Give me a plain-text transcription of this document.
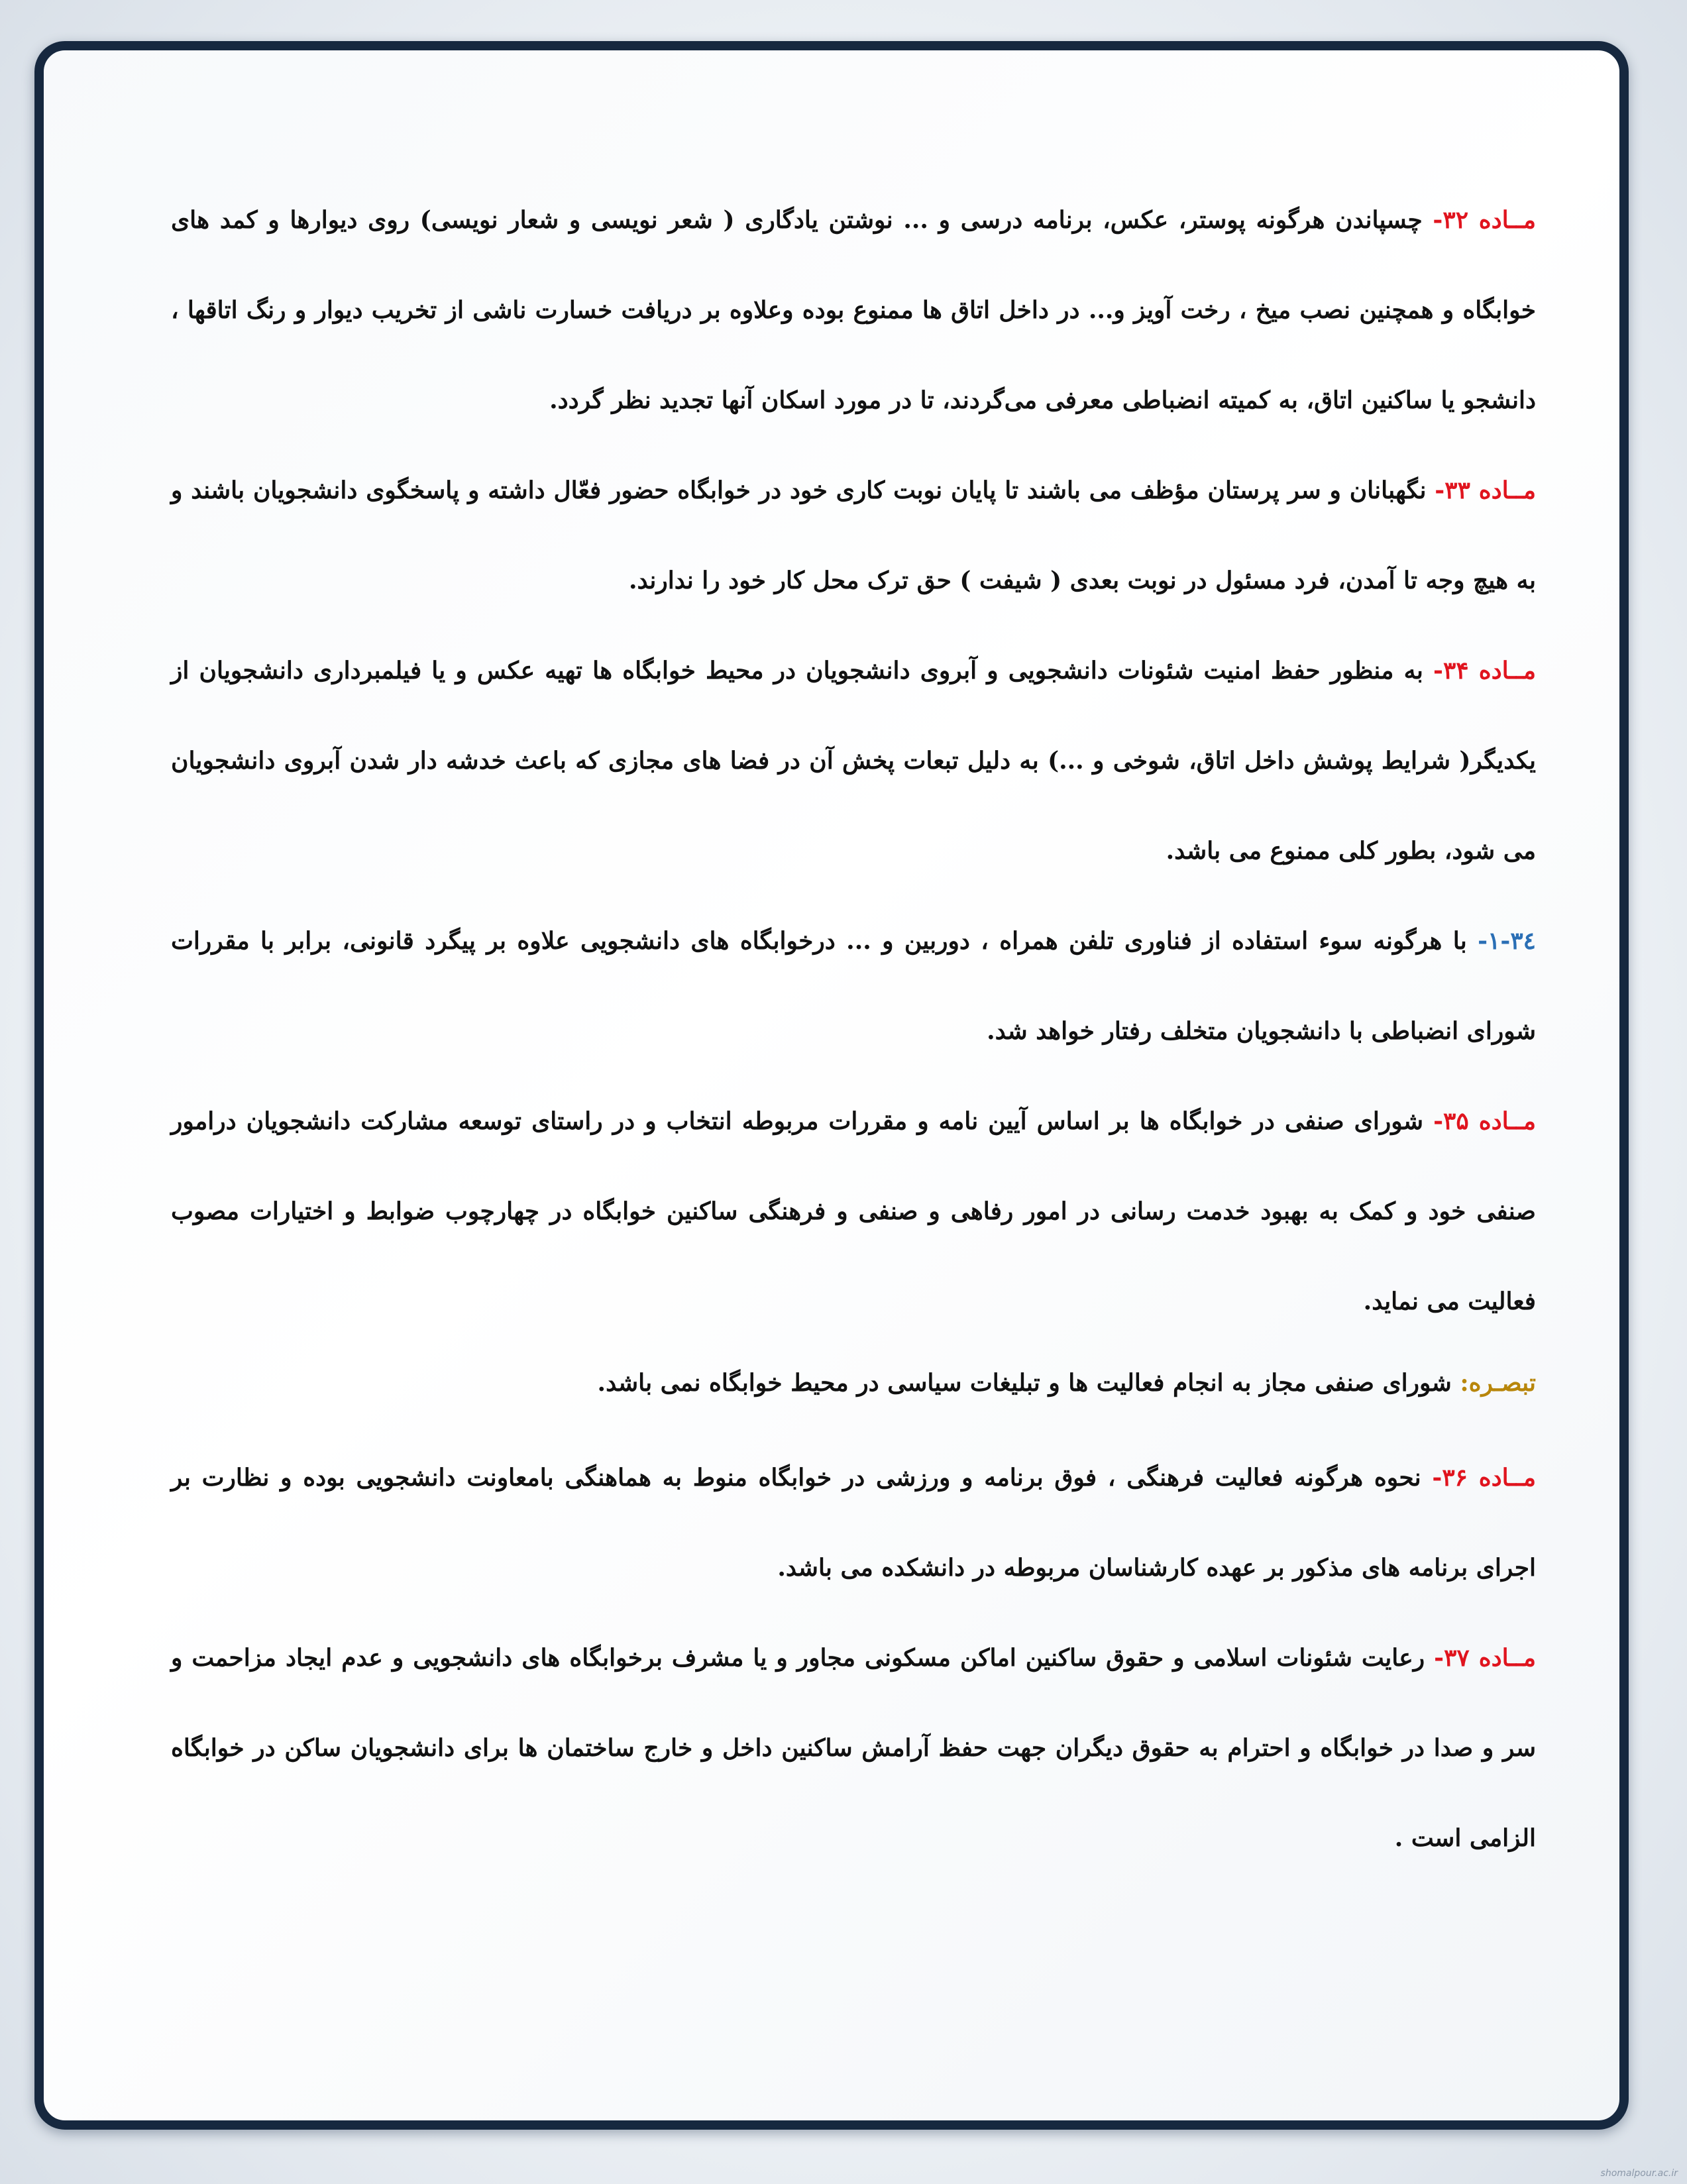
مــاده ۳۲- چسپاندن هرگونه پوستر، عکس، برنامه درسی و ... نوشتن یادگاری ( شعر نویسی و شعار نویسی) روی دیوارها و کمد های خوابگاه و همچنین نصب میخ ، رخت آویز و... در داخل اتاق ها ممنوع بوده وعلاوه بر دریافت خسارت ناشی از تخریب دیوار و رنگ اتاقها ، دانشجو یا ساکنین اتاق، به کمیته انضباطی معرفی می‌گردند، تا در مورد اسکان آنها تجدید نظر گردد.

مــاده ۳۳- نگهبانان و سر پرستان مؤظف می باشند تا پایان نوبت کاری خود در خوابگاه حضور فعّال داشته و پاسخگوی دانشجویان باشند و به هیچ وجه تا آمدن، فرد مسئول در نوبت بعدی ( شیفت ) حق ترک محل کار خود را ندارند.

مــاده ۳۴- به منظور حفظ امنیت شئونات دانشجویی و آبروی دانشجویان در محیط خوابگاه ها تهیه عکس و یا فیلمبرداری دانشجویان از یکدیگر( شرایط پوشش داخل اتاق، شوخی و ...) به دلیل تبعات پخش آن در فضا های مجازی که باعث خدشه دار شدن آبروی دانشجویان می شود، بطور کلی ممنوع می باشد.

۱-۳٤- با هرگونه سوء استفاده از فناوری تلفن همراه ، دوربین و ... درخوابگاه های دانشجویی علاوه بر پیگرد قانونی، برابر با مقررات شورای انضباطی با دانشجویان متخلف رفتار خواهد شد.

مــاده ۳۵- شورای صنفی در خوابگاه ها بر اساس آیین نامه و مقررات مربوطه انتخاب و در راستای توسعه مشارکت دانشجویان درامور صنفی خود و کمک به بهبود خدمت رسانی در امور رفاهی و صنفی و فرهنگی ساکنین خوابگاه در چهارچوب ضوابط و اختیارات مصوب فعالیت می نماید.

تبصـره: شورای صنفی مجاز به انجام فعالیت ها و تبلیغات سیاسی در محیط خوابگاه نمی باشد.

مــاده ۳۶- نحوه هرگونه فعالیت فرهنگی ، فوق برنامه و ورزشی در خوابگاه منوط به هماهنگی بامعاونت دانشجویی بوده و نظارت بر اجرای برنامه های مذکور بر عهده کارشناسان مربوطه در دانشکده می باشد.

مــاده ۳۷- رعایت شئونات اسلامی و حقوق ساکنین اماکن مسکونی مجاور و یا مشرف برخوابگاه های دانشجویی و عدم ایجاد مزاحمت و سر و صدا در خوابگاه و احترام به حقوق دیگران جهت حفظ آرامش ساکنین داخل و خارج ساختمان ها برای دانشجویان ساکن در خوابگاه الزامی است .

shomalpour.ac.ir
